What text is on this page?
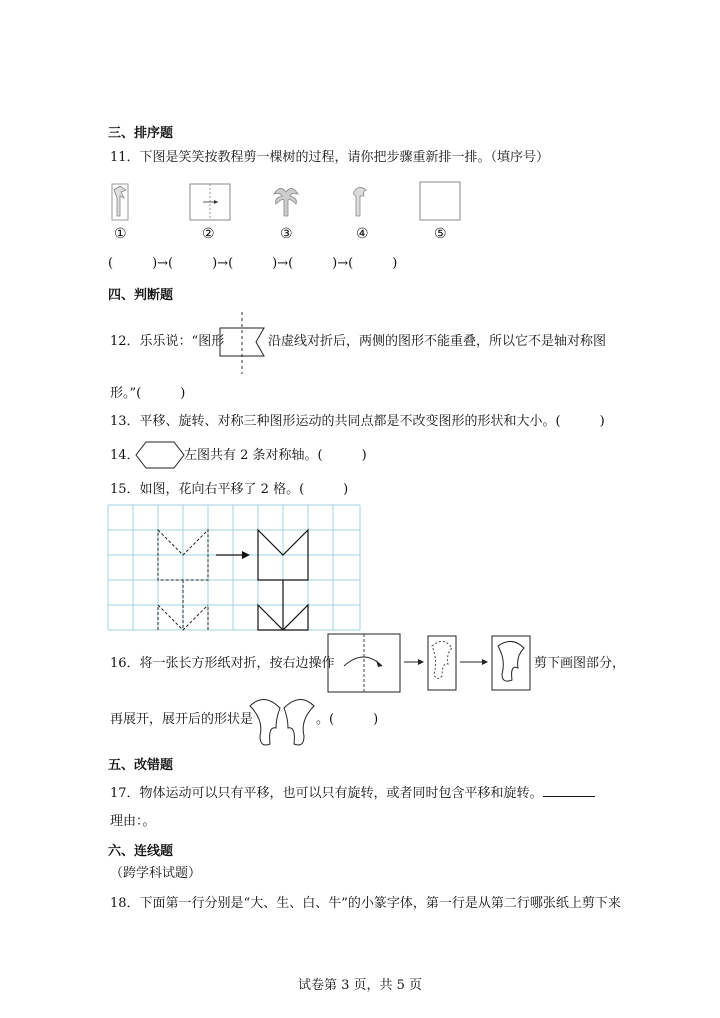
三、排序题
11．下图是笑笑按教程剪一棵树的过程，请你把步骤重新排一排。（填序号）
①	②	③	④	⑤
(　　　)→(　　　)→(　　　)→(　　　)→(　　　)
四、判断题
12．乐乐说：“图形	沿虚线对折后，两侧的图形不能重叠，所以它不是轴对称图
形。”(　　　)
13．平移、旋转、对称三种图形运动的共同点都是不改变图形的形状和大小。(　　　)
14．	左图共有 2 条对称轴。(　　　)
15．如图，花向右平移了 2 格。(　　　)
16．将一张长方形纸对折，按右边操作	剪下画图部分，
再展开，展开后的形状是	。(　　　)
五、改错题
17．物体运动可以只有平移，也可以只有旋转，或者同时包含平移和旋转。
理由：。
六、连线题
（跨学科试题）
18．下面第一行分别是“大、生、白、牛”的小篆字体，第一行是从第二行哪张纸上剪下来
试卷第 3 页，共 5 页
